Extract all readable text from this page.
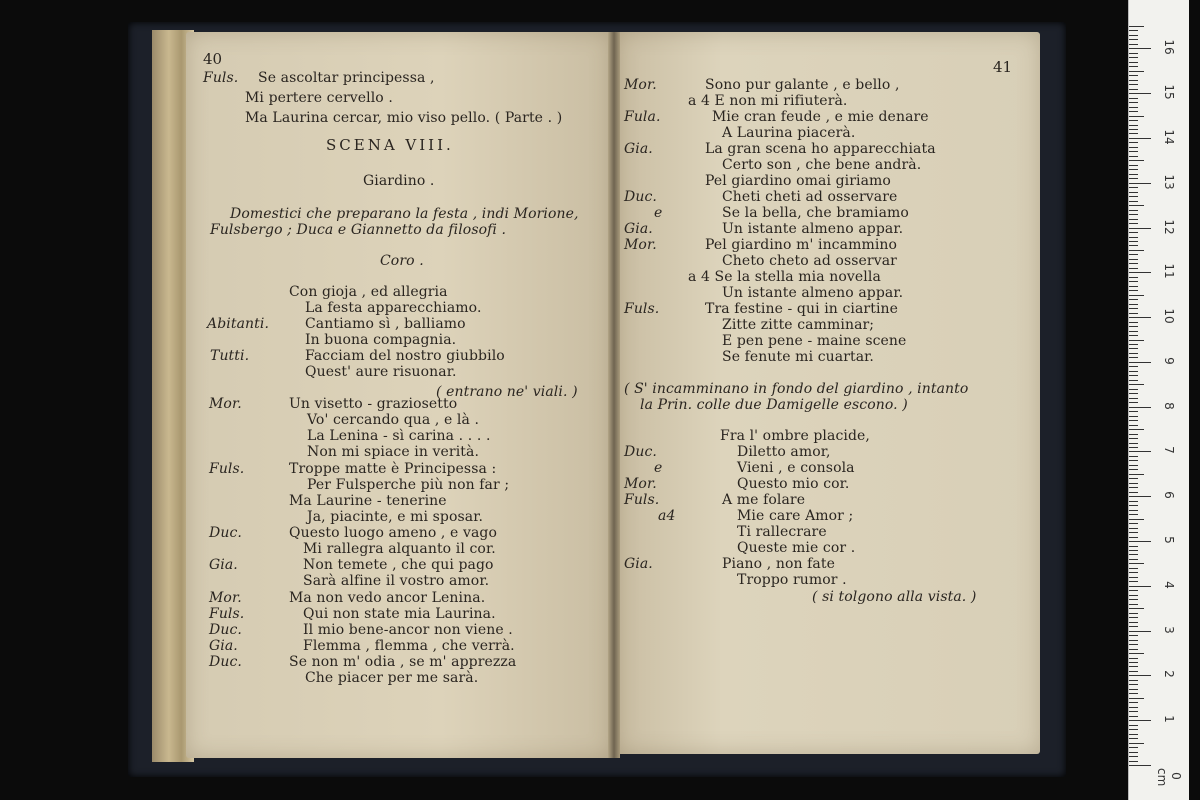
40	41
Fuls. Se ascoltar principessa ,
Mi pertere cervello .
Ma Laurina cercar, mio viso pello. ( Parte . )
SCENA VIII.
Giardino .
Domestici che preparano la festa , indi Morione,
Fulsbergo ; Duca e Giannetto da filosofi .
Coro .
Con gioja , ed allegria
La festa apparecchiamo.
Abitanti.	Cantiamo sì , balliamo
In buona compagnia.
Tutti.	Facciam del nostro giubbilo
Quest' aure risuonar.
( entrano ne' viali. )
Mor.	Un visetto - graziosetto
Vo' cercando qua , e là .
La Lenina - sì carina . . . .
Non mi spiace in verità.
Fuls.	Troppe matte è Principessa :
Per Fulsperche più non far ;
Ma Laurine - tenerine
Ja, piacinte, e mi sposar.
Duc.	Questo luogo ameno , e vago
Mi rallegra alquanto il cor.
Gia.	Non temete , che qui pago
Sarà alfine il vostro amor.
Mor.	Ma non vedo ancor Lenina.
Fuls.	Qui non state mia Laurina.
Duc.	Il mio bene-ancor non viene .
Gia.	Flemma , flemma , che verrà.
Duc.	Se non m' odia , se m' apprezza
Che piacer per me sarà.
Mor.	Sono pur galante , e bello ,
a 4 E non mi rifiuterà.
Fula.	Mie cran feude , e mie denare
A Laurina piacerà.
Gia.	La gran scena ho apparecchiata
Certo son , che bene andrà.
Pel giardino omai giriamo
Duc.	Cheti cheti ad osservare
e	Se la bella, che bramiamo
Gia.	Un istante almeno appar.
Mor.	Pel giardino m' incammino
Cheto cheto ad osservar
a 4 Se la stella mia novella
Un istante almeno appar.
Fuls.	Tra festine - qui in ciartine
Zitte zitte camminar;
E pen pene - maine scene
Se fenute mi cuartar.
( S' incamminano in fondo del giardino , intanto
la Prin. colle due Damigelle escono. )
Fra l' ombre placide,
Duc.	Diletto amor,
e	Vieni , e consola
Mor.	Questo mio cor.
Fuls.	A me folare
a4	Mie care Amor ;
Ti rallecrare
Queste mie cor .
Gia.	Piano , non fate
Troppo rumor .
( si tolgono alla vista. )
0 cm
1
2
3
4
5
6
7
8
9
10
11
12
13
14
15
16
